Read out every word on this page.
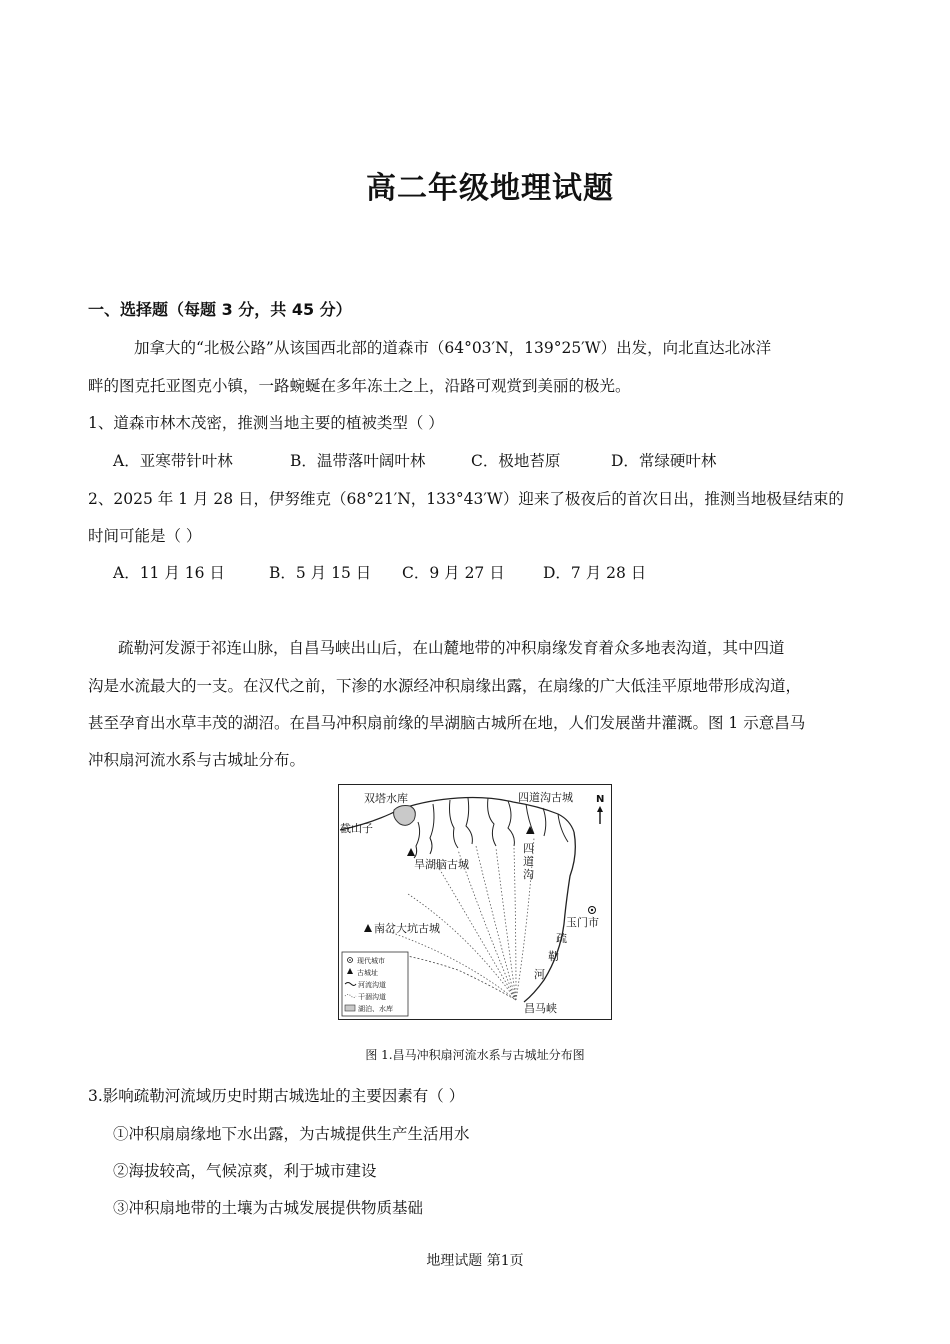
高二年级地理试题
一、选择题（每题 3 分，共 45 分）
加拿大的“北极公路”从该国西北部的道森市（64°03′N，139°25′W）出发，向北直达北冰洋
畔的图克托亚图克小镇，一路蜿蜒在多年冻土之上，沿路可观赏到美丽的极光。
1、道森市林木茂密，推测当地主要的植被类型（ ）
A．亚寒带针叶林	B．温带落叶阔叶林	C．极地苔原	D．常绿硬叶林
2、2025 年 1 月 28 日，伊努维克（68°21′N，133°43′W）迎来了极夜后的首次日出，推测当地极昼结束的
时间可能是（ ）
A．11 月 16 日	B．5 月 15 日 C．9 月 27 日 D．7 月 28 日
疏勒河发源于祁连山脉，自昌马峡出山后，在山麓地带的冲积扇缘发育着众多地表沟道，其中四道
沟是水流最大的一支。在汉代之前，下渗的水源经冲积扇缘出露，在扇缘的广大低洼平原地带形成沟道，
甚至孕育出水草丰茂的湖沼。在昌马冲积扇前缘的旱湖脑古城所在地，人们发展凿井灌溉。图 1 示意昌马
冲积扇河流水系与古城址分布。
N
双塔水库
截山子
四道沟古城
旱湖脑古城
四
道
沟
玉门市
南岔大坑古城
疏
勒
河
昌马峡
现代城市
古城址
河流沟道
干涸沟道
湖泊、水库
图 1.昌马冲积扇河流水系与古城址分布图
3.影响疏勒河流域历史时期古城选址的主要因素有（ ）
①冲积扇扇缘地下水出露，为古城提供生产生活用水
②海拔较高，气候凉爽，利于城市建设
③冲积扇地带的土壤为古城发展提供物质基础
地理试题 第1页
